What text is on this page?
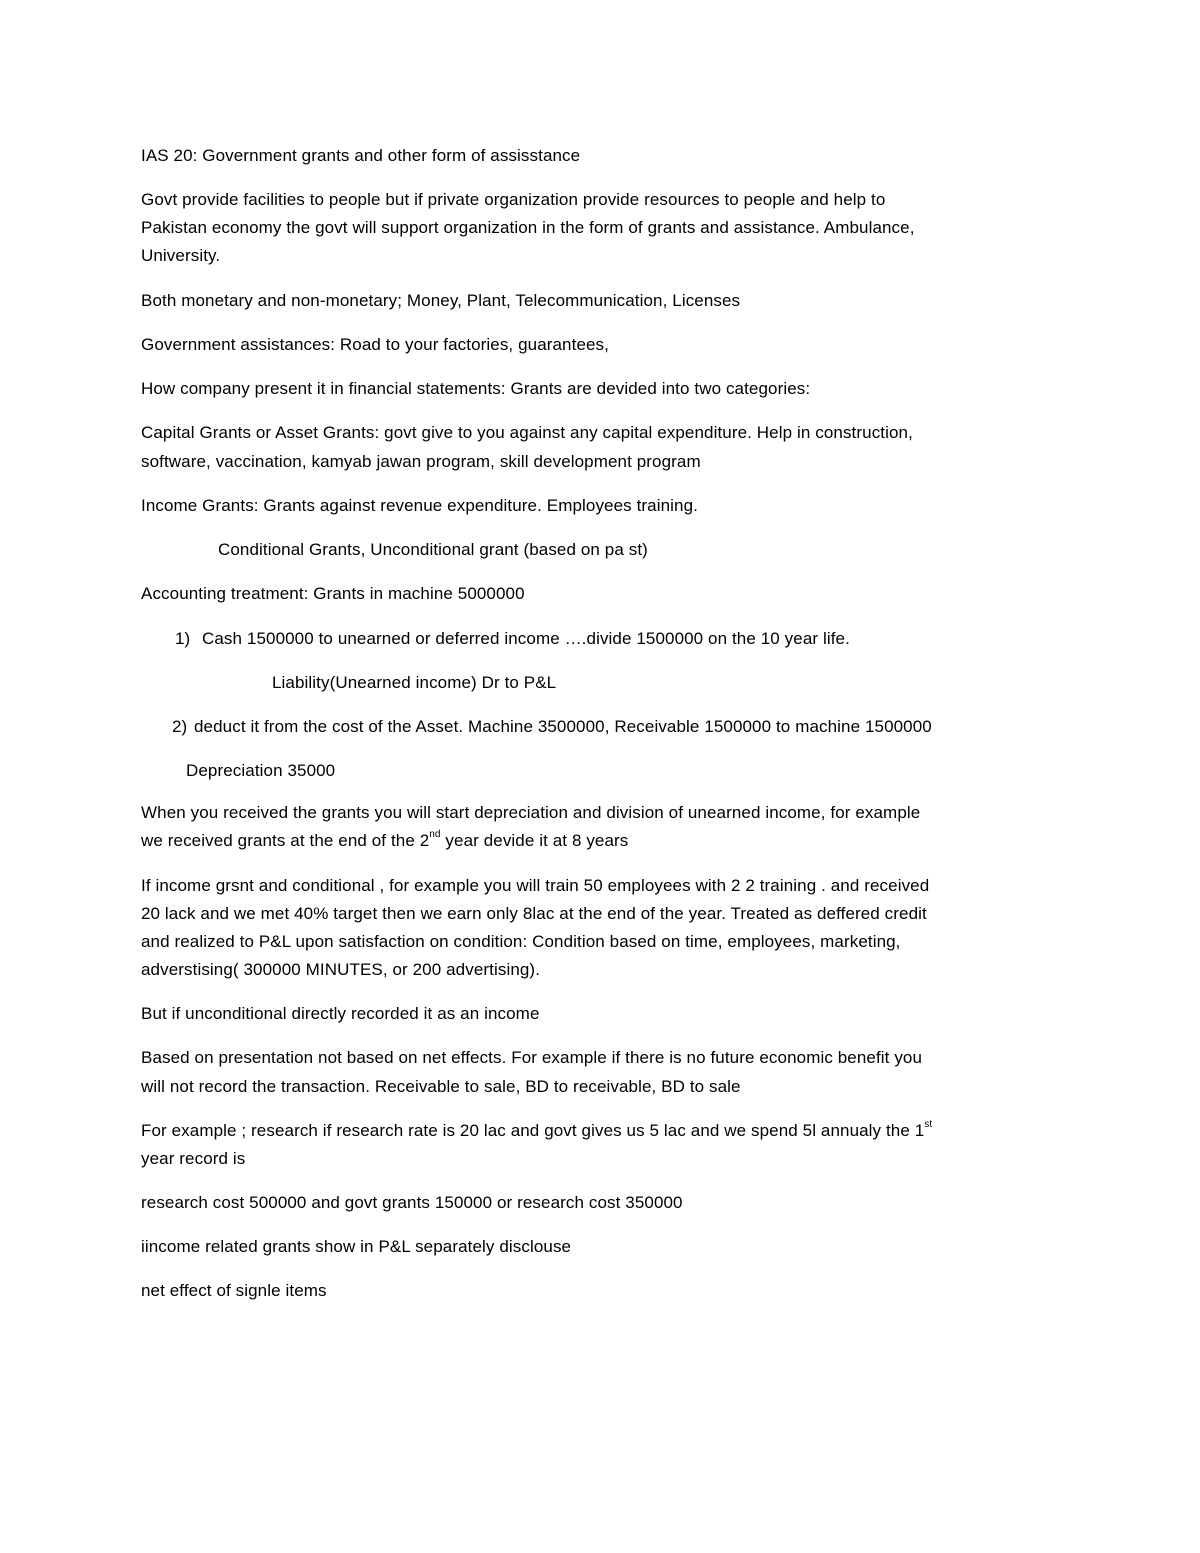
IAS 20: Government grants and other form of assisstance
Govt provide facilities to people but if private organization provide resources to people and help to
Pakistan economy the govt will support organization in the form of grants and assistance. Ambulance,
University.
Both monetary and non-monetary; Money, Plant, Telecommunication, Licenses
Government assistances: Road to your factories, guarantees,
How company present it in financial statements: Grants are devided into two categories:
Capital Grants or Asset Grants: govt give to you against any capital expenditure. Help in construction,
software, vaccination, kamyab jawan program, skill development program
Income Grants: Grants against revenue expenditure. Employees training.
Conditional Grants, Unconditional grant (based on pa st)
Accounting treatment: Grants in machine 5000000
1) Cash 1500000 to unearned or deferred income ….divide 1500000 on the 10 year life.
Liability(Unearned income) Dr to P&L
2) deduct it from the cost of the Asset. Machine 3500000, Receivable 1500000 to machine 1500000
Depreciation 35000
When you received the grants you will start depreciation and division of unearned income, for example
we received grants at the end of the 2nd year devide it at 8 years
If income grsnt and conditional , for example you will train 50 employees with 2 2 training . and received
20 lack and we met 40% target then we earn only 8lac at the end of the year. Treated as deffered credit
and realized to P&L upon satisfaction on condition: Condition based on time, employees, marketing,
adverstising( 300000 MINUTES, or 200 advertising).
But if unconditional directly recorded it as an income
Based on presentation not based on net effects. For example if there is no future economic benefit you
will not record the transaction. Receivable to sale, BD to receivable, BD to sale
For example ; research if research rate is 20 lac and govt gives us 5 lac and we spend 5l annualy the 1st
year record is
research cost 500000 and govt grants 150000 or research cost 350000
iincome related grants show in P&L separately disclouse
net effect of signle items
